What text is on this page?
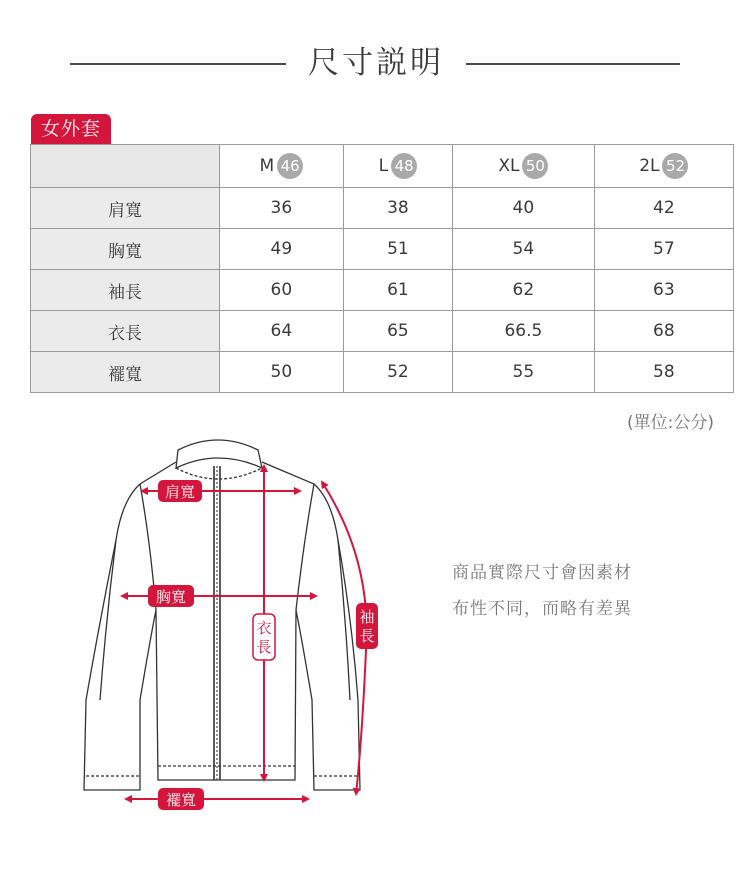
尺寸説明
女外套
	M 46	L 48	XL 50	2L 52
肩寬	36	38	40	42
胸寬	49	51	54	57
袖長	60	61	62	63
衣長	64	65	66.5	68
襬寬	50	52	55	58
(單位:公分)
肩寬
胸寬
衣
長
袖
長
襬寬
商品實際尺寸會因素材
布性不同，而略有差異
